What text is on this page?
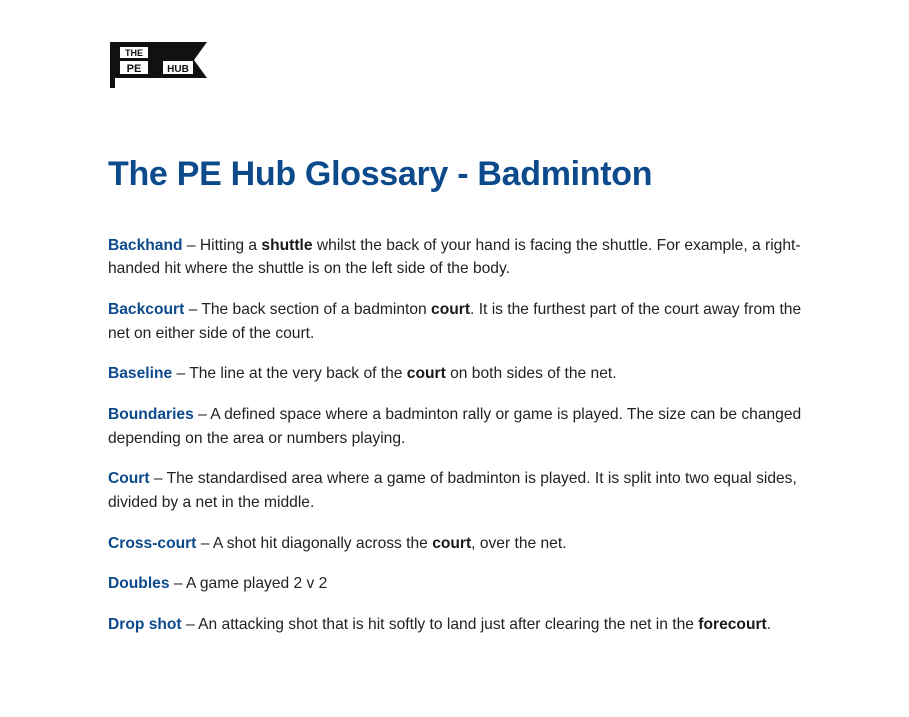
THE
PE	HUB
The PE Hub Glossary - Badminton

Backhand – Hitting a shuttle whilst the back of your hand is facing the shuttle. For example, a right-handed hit where the shuttle is on the left side of the body.

Backcourt – The back section of a badminton court. It is the furthest part of the court away from the net on either side of the court.

Baseline – The line at the very back of the court on both sides of the net.

Boundaries – A defined space where a badminton rally or game is played. The size can be changed depending on the area or numbers playing.

Court – The standardised area where a game of badminton is played. It is split into two equal sides, divided by a net in the middle.

Cross-court – A shot hit diagonally across the court, over the net.

Doubles – A game played 2 v 2

Drop shot – An attacking shot that is hit softly to land just after clearing the net in the forecourt.
